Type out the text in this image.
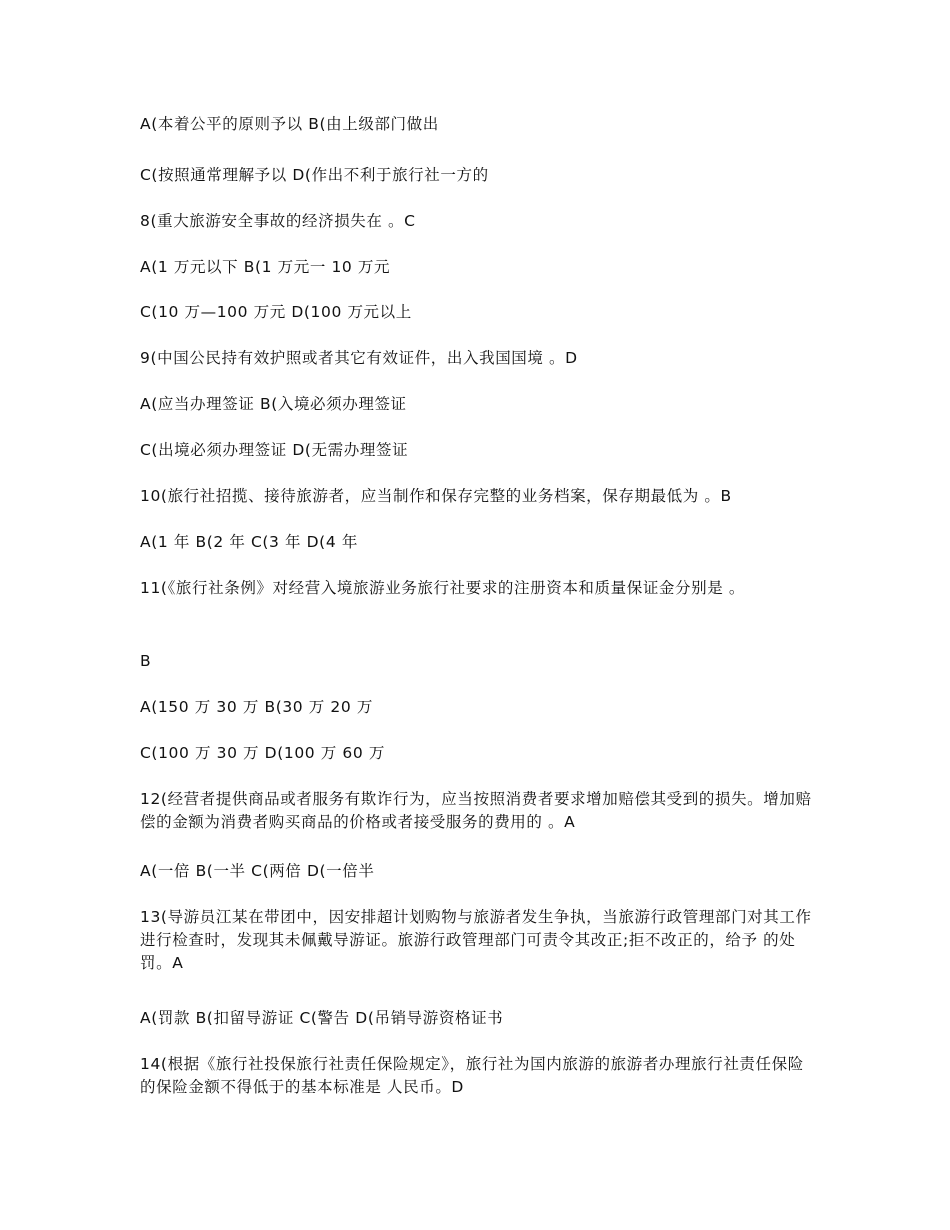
A(本着公平的原则予以 B(由上级部门做出
C(按照通常理解予以 D(作出不利于旅行社一方的
8(重大旅游安全事故的经济损失在 。C
A(1 万元以下 B(1 万元一 10 万元
C(10 万—100 万元 D(100 万元以上
9(中国公民持有效护照或者其它有效证件，出入我国国境 。D
A(应当办理签证 B(入境必须办理签证
C(出境必须办理签证 D(无需办理签证
10(旅行社招揽、接待旅游者，应当制作和保存完整的业务档案，保存期最低为 。B
A(1 年 B(2 年 C(3 年 D(4 年
11(《旅行社条例》对经营入境旅游业务旅行社要求的注册资本和质量保证金分别是 。
B
A(150 万 30 万 B(30 万 20 万
C(100 万 30 万 D(100 万 60 万
12(经营者提供商品或者服务有欺诈行为，应当按照消费者要求增加赔偿其受到的损失。增加赔偿的金额为消费者购买商品的价格或者接受服务的费用的 。A
A(一倍 B(一半 C(两倍 D(一倍半
13(导游员江某在带团中，因安排超计划购物与旅游者发生争执，当旅游行政管理部门对其工作进行检查时，发现其未佩戴导游证。旅游行政管理部门可责令其改正;拒不改正的，给予 的处罚。A
A(罚款 B(扣留导游证 C(警告 D(吊销导游资格证书
14(根据《旅行社投保旅行社责任保险规定》，旅行社为国内旅游的旅游者办理旅行社责任保险的保险金额不得低于的基本标准是 人民币。D
